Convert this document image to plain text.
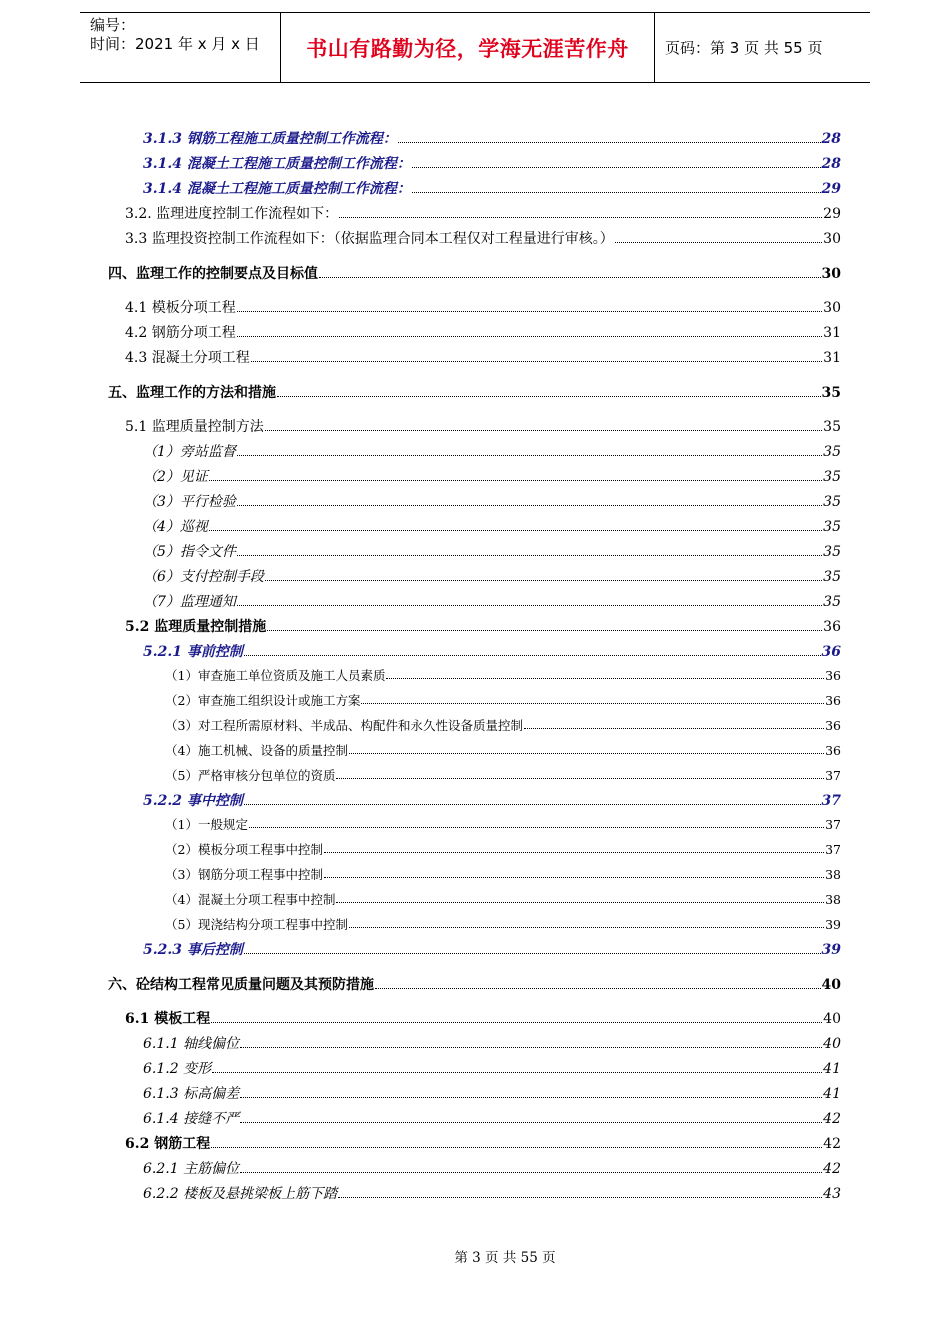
编号：
时间：2021 年 x 月 x 日	书山有路勤为径，学海无涯苦作舟	页码：第 3 页 共 55 页
3.1.3 钢筋工程施工质量控制工作流程：	28
3.1.4 混凝土工程施工质量控制工作流程：	28
3.1.4 混凝土工程施工质量控制工作流程：	29
3.2. 监理进度控制工作流程如下：	29
3.3 监理投资控制工作流程如下：（依据监理合同本工程仅对工程量进行审核。）	30
四、监理工作的控制要点及目标值	30
4.1 模板分项工程	30
4.2 钢筋分项工程	31
4.3 混凝土分项工程	31
五、监理工作的方法和措施	35
5.1 监理质量控制方法	35
（1）旁站监督	35
（2）见证	35
（3）平行检验	35
（4）巡视	35
（5）指令文件	35
（6）支付控制手段	35
（7）监理通知	35
5.2 监理质量控制措施	36
5.2.1 事前控制	36
（1）审查施工单位资质及施工人员素质	36
（2）审查施工组织设计或施工方案	36
（3）对工程所需原材料、半成品、构配件和永久性设备质量控制	36
（4）施工机械、设备的质量控制	36
（5）严格审核分包单位的资质	37
5.2.2 事中控制	37
（1）一般规定	37
（2）模板分项工程事中控制	37
（3）钢筋分项工程事中控制	38
（4）混凝土分项工程事中控制	38
（5）现浇结构分项工程事中控制	39
5.2.3 事后控制	39
六、砼结构工程常见质量问题及其预防措施	40
6.1 模板工程	40
6.1.1 轴线偏位	40
6.1.2 变形	41
6.1.3 标高偏差	41
6.1.4 接缝不严	42
6.2 钢筋工程	42
6.2.1 主筋偏位	42
6.2.2 楼板及悬挑梁板上筋下踏	43
第 3 页 共 55 页
